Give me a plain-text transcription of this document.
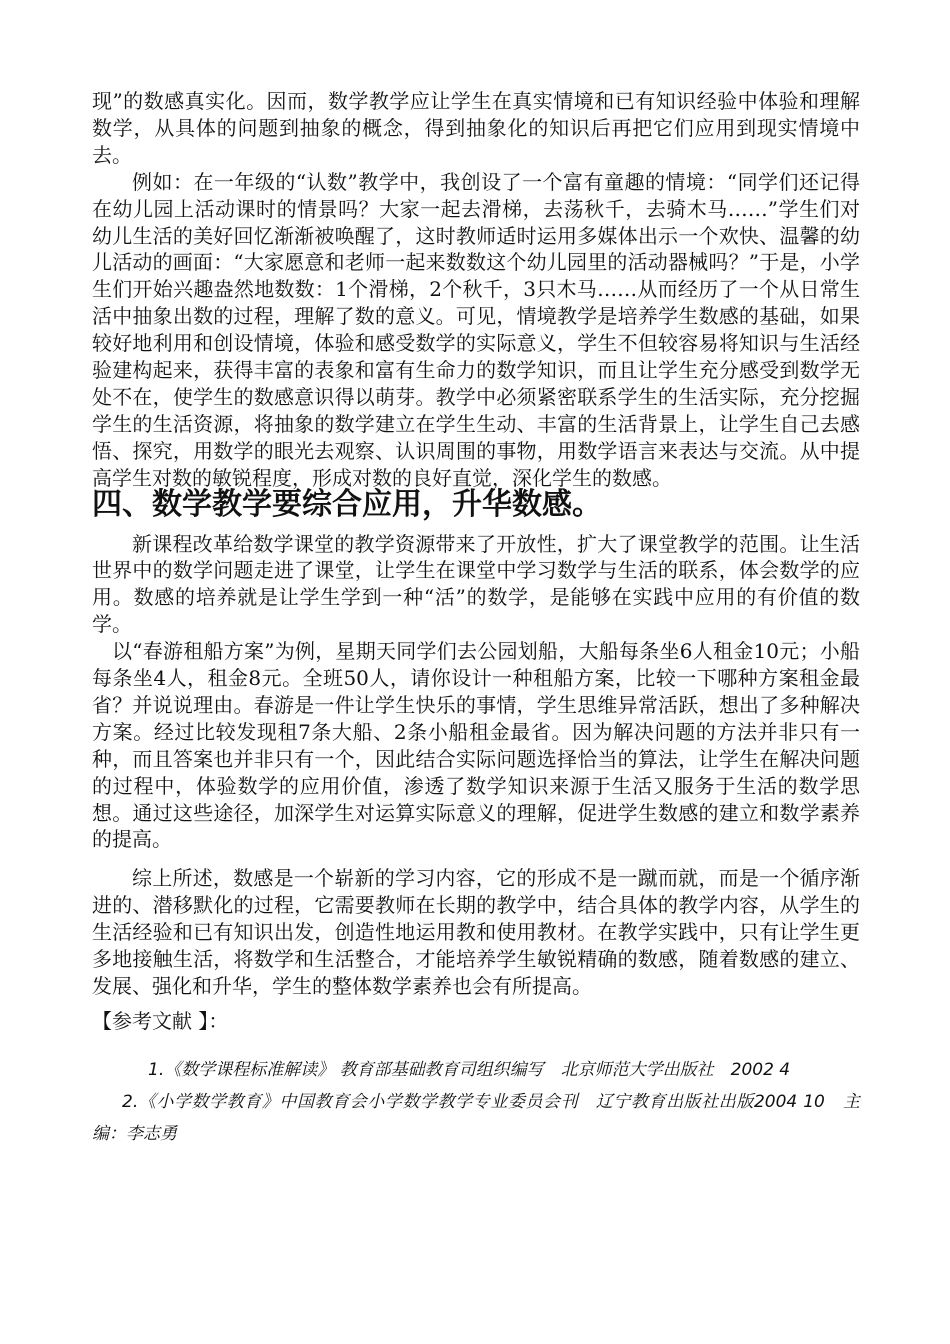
现”的数感真实化。因而，数学教学应让学生在真实情境和已有知识经验中体验和理解数学，从具体的问题到抽象的概念，得到抽象化的知识后再把它们应用到现实情境中去。

例如：在一年级的“认数”教学中，我创设了一个富有童趣的情境：“同学们还记得在幼儿园上活动课时的情景吗？大家一起去滑梯，去荡秋千，去骑木马……”学生们对幼儿生活的美好回忆渐渐被唤醒了，这时教师适时运用多媒体出示一个欢快、温馨的幼儿活动的画面：“大家愿意和老师一起来数数这个幼儿园里的活动器械吗？”于是，小学生们开始兴趣盎然地数数：1个滑梯，2个秋千，3只木马……从而经历了一个从日常生活中抽象出数的过程，理解了数的意义。可见，情境教学是培养学生数感的基础，如果较好地利用和创设情境，体验和感受数学的实际意义，学生不但较容易将知识与生活经验建构起来，获得丰富的表象和富有生命力的数学知识，而且让学生充分感受到数学无处不在，使学生的数感意识得以萌芽。教学中必须紧密联系学生的生活实际，充分挖掘学生的生活资源，将抽象的数学建立在学生生动、丰富的生活背景上，让学生自己去感悟、探究，用数学的眼光去观察、认识周围的事物，用数学语言来表达与交流。从中提高学生对数的敏锐程度，形成对数的良好直觉，深化学生的数感。

四、数学教学要综合应用，升华数感。

新课程改革给数学课堂的教学资源带来了开放性，扩大了课堂教学的范围。让生活世界中的数学问题走进了课堂，让学生在课堂中学习数学与生活的联系，体会数学的应用。数感的培养就是让学生学到一种“活”的数学，是能够在实践中应用的有价值的数学。

以“春游租船方案”为例，星期天同学们去公园划船，大船每条坐6人租金10元；小船每条坐4人，租金8元。全班50人，请你设计一种租船方案，比较一下哪种方案租金最省？并说说理由。春游是一件让学生快乐的事情，学生思维异常活跃，想出了多种解决方案。经过比较发现租7条大船、2条小船租金最省。因为解决问题的方法并非只有一种，而且答案也并非只有一个，因此结合实际问题选择恰当的算法，让学生在解决问题的过程中，体验数学的应用价值，渗透了数学知识来源于生活又服务于生活的数学思想。通过这些途径，加深学生对运算实际意义的理解，促进学生数感的建立和数学素养的提高。

综上所述，数感是一个崭新的学习内容，它的形成不是一蹴而就，而是一个循序渐进的、潜移默化的过程，它需要教师在长期的教学中，结合具体的教学内容，从学生的生活经验和已有知识出发，创造性地运用教和使用教材。在教学实践中，只有让学生更多地接触生活，将数学和生活整合，才能培养学生敏锐精确的数感，随着数感的建立、发展、强化和升华，学生的整体数学素养也会有所提高。

【参考文献 】：

1.《数学课程标准解读》 教育部基础教育司组织编写　北京师范大学出版社　2002 4

2.《小学数学教育》中国教育会小学数学教学专业委员会刊　辽宁教育出版社出版2004 10　主编：李志勇
